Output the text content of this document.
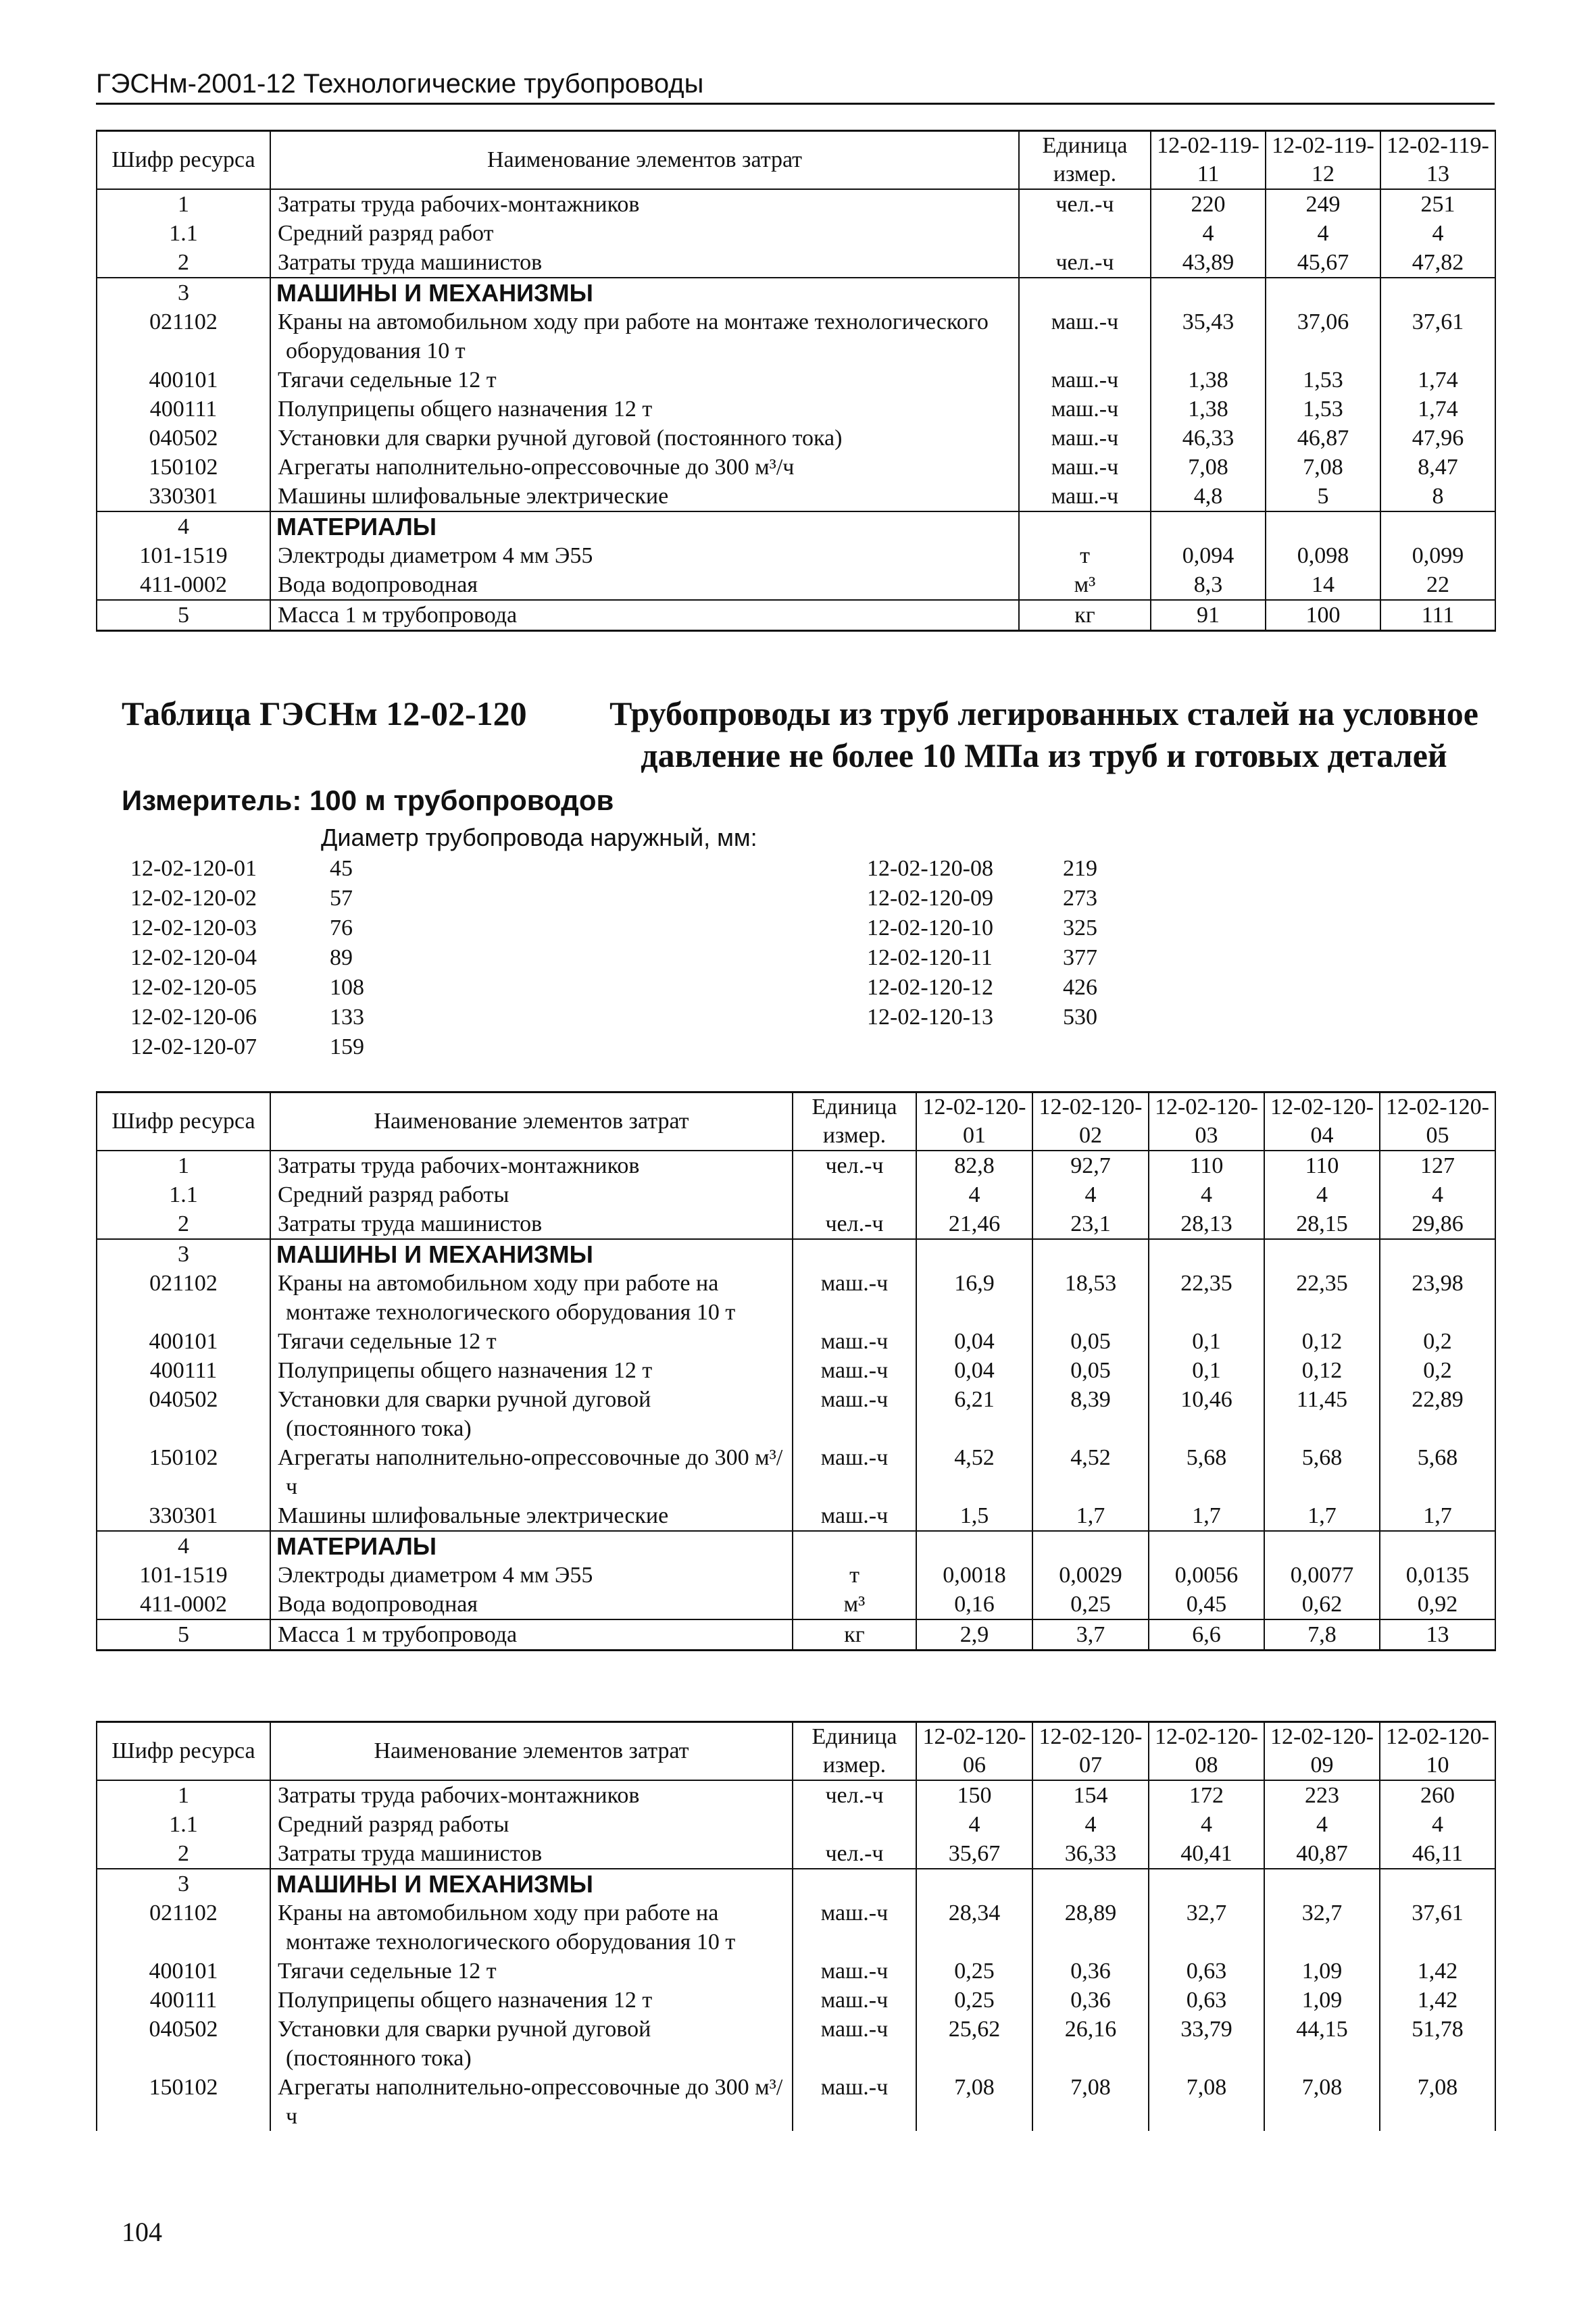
ГЭСНм-2001-12 Технологические трубопроводы
Шифр ресурса	Наименование элементов затрат	Единица измер.	12-02-119-11	12-02-119-12	12-02-119-13
1	Затраты труда рабочих-монтажников	чел.-ч	220	249	251
1.1	Средний разряд работ		4	4	4
2	Затраты труда машинистов	чел.-ч	43,89	45,67	47,82
3	МАШИНЫ И МЕХАНИЗМЫ				
021102	Краны на автомобильном ходу при работе на монтаже технологического оборудования 10 т	маш.-ч	35,43	37,06	37,61
400101	Тягачи седельные 12 т	маш.-ч	1,38	1,53	1,74
400111	Полуприцепы общего назначения 12 т	маш.-ч	1,38	1,53	1,74
040502	Установки для сварки ручной дуговой (постоянного тока)	маш.-ч	46,33	46,87	47,96
150102	Агрегаты наполнительно-опрессовочные до 300 м³/ч	маш.-ч	7,08	7,08	8,47
330301	Машины шлифовальные электрические	маш.-ч	4,8	5	8
4	МАТЕРИАЛЫ				
101-1519	Электроды диаметром 4 мм Э55	т	0,094	0,098	0,099
411-0002	Вода водопроводная	м³	8,3	14	22
5	Масса 1 м трубопровода	кг	91	100	111
Таблица ГЭСНм 12-02-120	Трубопроводы из труб легированных сталей на условное давление не более 10 МПа из труб и готовых деталей
Измеритель: 100 м трубопроводов
Диаметр трубопровода наружный, мм:
12-02-120-01	45
12-02-120-02	57
12-02-120-03	76
12-02-120-04	89
12-02-120-05	108
12-02-120-06	133
12-02-120-07	159
12-02-120-08	219
12-02-120-09	273
12-02-120-10	325
12-02-120-11	377
12-02-120-12	426
12-02-120-13	530
Шифр ресурса	Наименование элементов затрат	Единица измер.	12-02-120-01	12-02-120-02	12-02-120-03	12-02-120-04	12-02-120-05
1	Затраты труда рабочих-монтажников	чел.-ч	82,8	92,7	110	110	127
1.1	Средний разряд работы		4	4	4	4	4
2	Затраты труда машинистов	чел.-ч	21,46	23,1	28,13	28,15	29,86
3	МАШИНЫ И МЕХАНИЗМЫ						
021102	Краны на автомобильном ходу при работе на монтаже технологического оборудования 10 т	маш.-ч	16,9	18,53	22,35	22,35	23,98
400101	Тягачи седельные 12 т	маш.-ч	0,04	0,05	0,1	0,12	0,2
400111	Полуприцепы общего назначения 12 т	маш.-ч	0,04	0,05	0,1	0,12	0,2
040502	Установки для сварки ручной дуговой (постоянного тока)	маш.-ч	6,21	8,39	10,46	11,45	22,89
150102	Агрегаты наполнительно-опрессовочные до 300 м³/ч	маш.-ч	4,52	4,52	5,68	5,68	5,68
330301	Машины шлифовальные электрические	маш.-ч	1,5	1,7	1,7	1,7	1,7
4	МАТЕРИАЛЫ						
101-1519	Электроды диаметром 4 мм Э55	т	0,0018	0,0029	0,0056	0,0077	0,0135
411-0002	Вода водопроводная	м³	0,16	0,25	0,45	0,62	0,92
5	Масса 1 м трубопровода	кг	2,9	3,7	6,6	7,8	13
Шифр ресурса	Наименование элементов затрат	Единица измер.	12-02-120-06	12-02-120-07	12-02-120-08	12-02-120-09	12-02-120-10
1	Затраты труда рабочих-монтажников	чел.-ч	150	154	172	223	260
1.1	Средний разряд работы		4	4	4	4	4
2	Затраты труда машинистов	чел.-ч	35,67	36,33	40,41	40,87	46,11
3	МАШИНЫ И МЕХАНИЗМЫ						
021102	Краны на автомобильном ходу при работе на монтаже технологического оборудования 10 т	маш.-ч	28,34	28,89	32,7	32,7	37,61
400101	Тягачи седельные 12 т	маш.-ч	0,25	0,36	0,63	1,09	1,42
400111	Полуприцепы общего назначения 12 т	маш.-ч	0,25	0,36	0,63	1,09	1,42
040502	Установки для сварки ручной дуговой (постоянного тока)	маш.-ч	25,62	26,16	33,79	44,15	51,78
150102	Агрегаты наполнительно-опрессовочные до 300 м³/ч	маш.-ч	7,08	7,08	7,08	7,08	7,08
104
